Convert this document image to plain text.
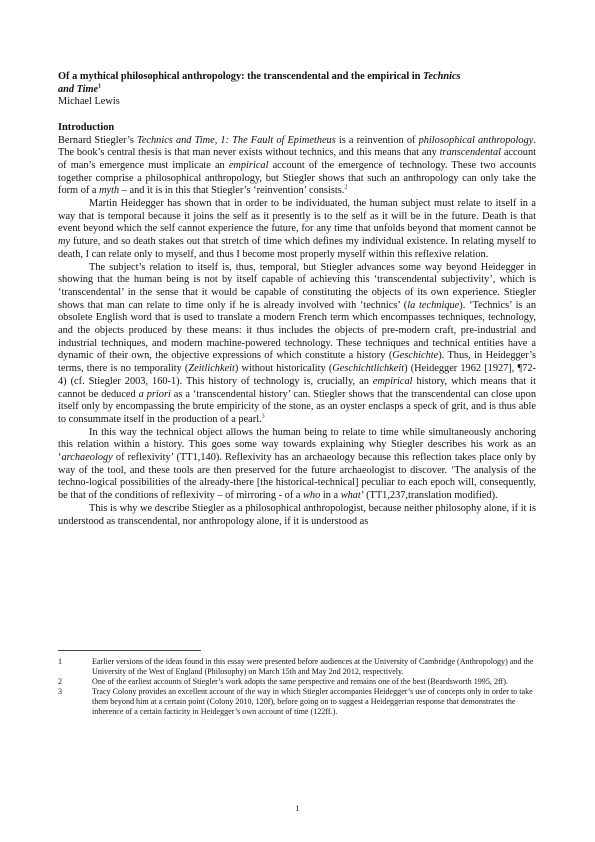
Of a mythical philosophical anthropology: the transcendental and the empirical in Technics
and Time$^1$

Michael Lewis

Introduction

Bernard Stiegler’s Technics and Time, 1: The Fault of Epimetheus is a reinvention of philosophical anthropology. The book’s central thesis is that man never exists without technics, and this means that any transcendental account of man’s emergence must implicate an empirical account of the emergence of technology. These two accounts together comprise a philosophical anthropology, but Stiegler shows that such an anthropology can only take the form of a myth – and it is in this that Stiegler’s ‘reinvention’ consists.$^2$

Martin Heidegger has shown that in order to be individuated, the human subject must relate to itself in a way that is temporal because it joins the self as it presently is to the self as it will be in the future. Death is that event beyond which the self cannot experience the future, for any time that unfolds beyond that moment cannot be my future, and so death stakes out that stretch of time which defines my individual existence. In relating myself to death, I can relate only to myself, and thus I become most properly myself within this reflexive relation.

The subject’s relation to itself is, thus, temporal, but Stiegler advances some way beyond Heidegger in showing that the human being is not by itself capable of achieving this ‘transcendental subjectivity’, which is ‘transcendental’ in the sense that it would be capable of constituting the objects of its own experience. Stiegler shows that man can relate to time only if he is already involved with ‘technics’ (la technique). ‘Technics’ is an obsolete English word that is used to translate a modern French term which encompasses techniques, technology, and the objects produced by these means: it thus includes the objects of pre-modern craft, pre-industrial and industrial techniques, and modern machine-powered technology. These techniques and technical entities have a dynamic of their own, the objective expressions of which constitute a history (Geschichte). Thus, in Heidegger’s terms, there is no temporality (Zeitlichkeit) without historicality (Geschichtlichkeit) (Heidegger 1962 [1927], ¶72-4) (cf. Stiegler 2003, 160-1). This history of technology is, crucially, an empirical history, which means that it cannot be deduced a priori as a ‘transcendental history’ can. Stiegler shows that the transcendental can close upon itself only by encompassing the brute empiricity of the stone, as an oyster enclasps a speck of grit, and is thus able to consummate itself in the production of a pearl.$^3$

In this way the technical object allows the human being to relate to time while simultaneously anchoring this relation within a history. This goes some way towards explaining why Stiegler describes his work as an ‘archaeology of reflexivity’ (TT1,140). Reflexivity has an archaeology because this reflection takes place only by way of the tool, and these tools are then preserved for the future archaeologist to discover. ‘The analysis of the techno-logical possibilities of the already-there [the historical-technical] peculiar to each epoch will, consequently, be that of the conditions of reflexivity – of mirroring - of a who in a what’ (TT1,237,translation modified).

This is why we describe Stiegler as a philosophical anthropologist, because neither philosophy alone, if it is understood as transcendental, nor anthropology alone, if it is understood as

1	Earlier versions of the ideas found in this essay were presented before audiences at the University of Cambridge (Anthropology) and the University of the West of England (Philosophy) on March 15th and May 2nd 2012, respectively.

2	One of the earliest accounts of Stiegler’s work adopts the same perspective and remains one of the best (Beardsworth 1995, 2ff).

3	Tracy Colony provides an excellent account of the way in which Stiegler accompanies Heidegger’s use of concepts only in order to take them beyond him at a certain point (Colony 2010, 120f), before going on to suggest a Heideggerian response that demonstrates the inherence of a certain facticity in Heidegger’s own account of time (122ff.).

1
